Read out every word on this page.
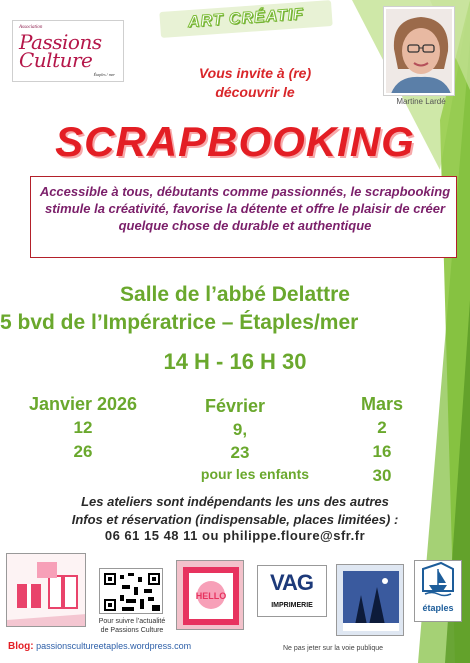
Association
Passions Culture
Étaples / mer
ART CRÉATIF
Vous invite à (re)
découvrir le
Martine Lardé
SCRAPBOOKING
Accessible à tous, débutants comme passionnés, le scrapbooking stimule la créativité, favorise la détente et offre le plaisir de créer quelque chose de durable et authentique
Salle de l’abbé Delattre
5 bvd de l’Impératrice – Étaples/mer
14 H - 16 H 30
Janvier 2026
12
26
Février
9,
23
Mars
2
16
30
pour les enfants
Les ateliers sont indépendants les uns des autres
Infos et réservation (indispensable, places limitées) :
06 61 15 48 11 ou philippe.floure@sfr.fr
Pour suivre l’actualité
de Passions Culture
HELLO
VAG
IMPRIMERIE	étaples
Blog: passionscultureetaples.wordpress.com	Ne pas jeter sur la voie publique
